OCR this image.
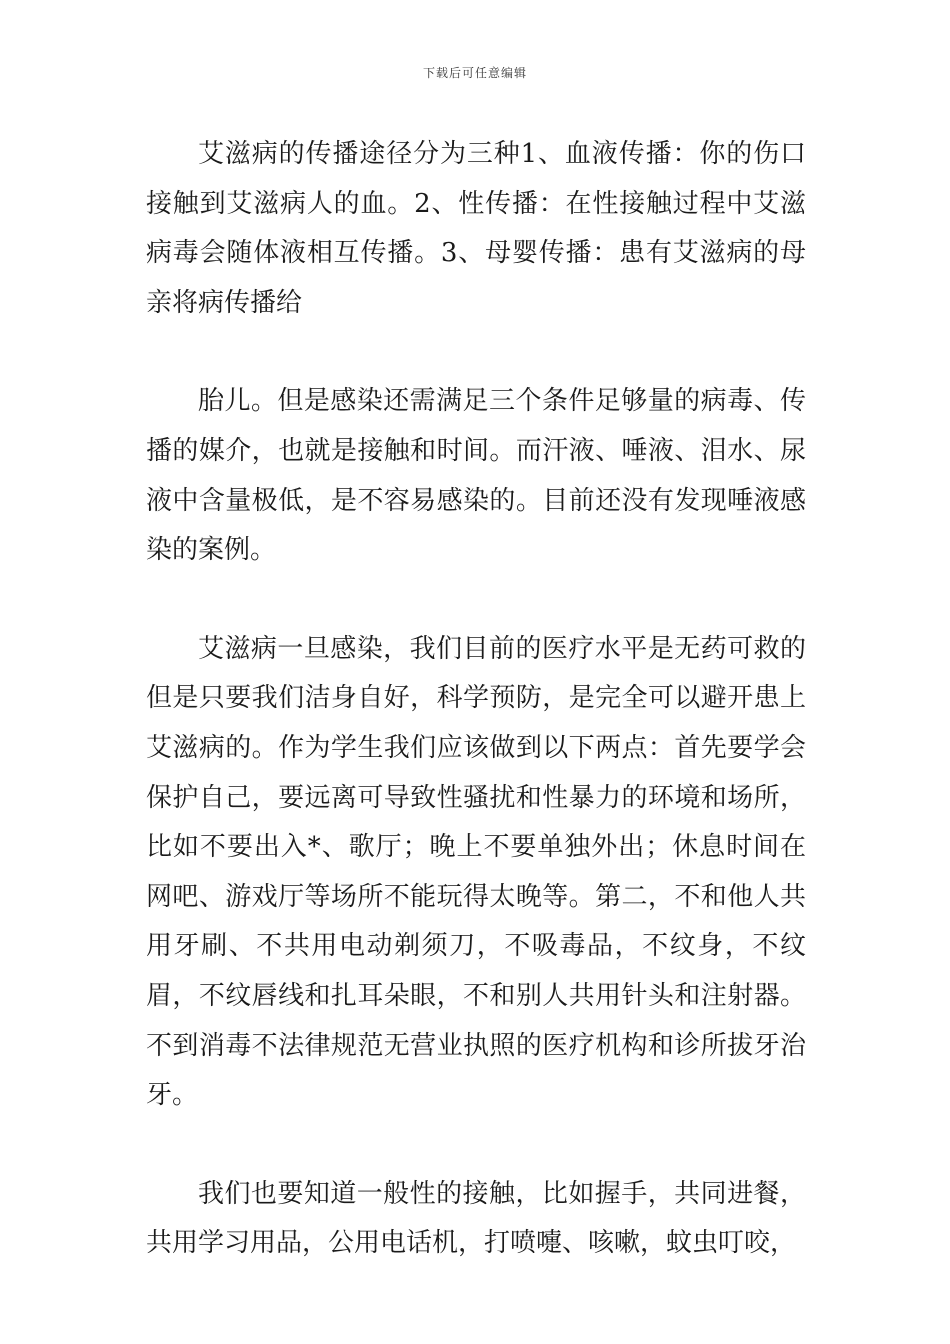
下载后可任意编辑

艾滋病的传播途径分为三种1、血液传播：你的伤口接触到艾滋病人的血。2、性传播：在性接触过程中艾滋病毒会随体液相互传播。3、母婴传播：患有艾滋病的母亲将病传播给

胎儿。但是感染还需满足三个条件足够量的病毒、传播的媒介，也就是接触和时间。而汗液、唾液、泪水、尿液中含量极低，是不容易感染的。目前还没有发现唾液感染的案例。

艾滋病一旦感染，我们目前的医疗水平是无药可救的但是只要我们洁身自好，科学预防，是完全可以避开患上艾滋病的。作为学生我们应该做到以下两点：首先要学会保护自己，要远离可导致性骚扰和性暴力的环境和场所，比如不要出入*、歌厅；晚上不要单独外出；休息时间在网吧、游戏厅等场所不能玩得太晚等。第二，不和他人共用牙刷、不共用电动剃须刀，不吸毒品，不纹身，不纹眉，不纹唇线和扎耳朵眼，不和别人共用针头和注射器。不到消毒不法律规范无营业执照的医疗机构和诊所拔牙治牙。

我们也要知道一般性的接触，比如握手，共同进餐，共用学习用品，公用电话机，打喷嚏、咳嗽，蚊虫叮咬，
